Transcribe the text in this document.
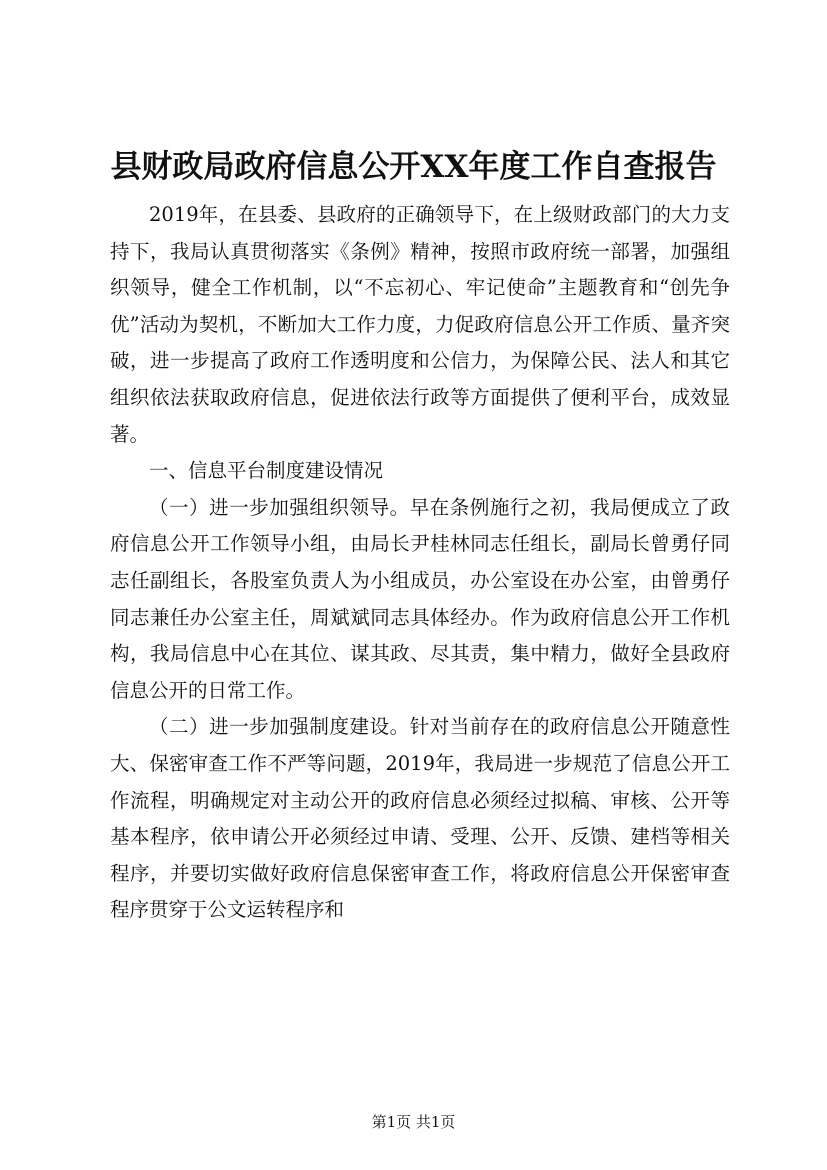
县财政局政府信息公开XX年度工作自查报告

2019年，在县委、县政府的正确领导下，在上级财政部门的大力支持下，我局认真贯彻落实《条例》精神，按照市政府统一部署，加强组织领导，健全工作机制，以“不忘初心、牢记使命”主题教育和“创先争优”活动为契机，不断加大工作力度，力促政府信息公开工作质、量齐突破，进一步提高了政府工作透明度和公信力，为保障公民、法人和其它组织依法获取政府信息，促进依法行政等方面提供了便利平台，成效显著。

一、信息平台制度建设情况

（一）进一步加强组织领导。早在条例施行之初，我局便成立了政府信息公开工作领导小组，由局长尹桂林同志任组长，副局长曾勇仔同志任副组长，各股室负责人为小组成员，办公室设在办公室，由曾勇仔同志兼任办公室主任，周斌斌同志具体经办。作为政府信息公开工作机构，我局信息中心在其位、谋其政、尽其责，集中精力，做好全县政府信息公开的日常工作。

（二）进一步加强制度建设。针对当前存在的政府信息公开随意性大、保密审查工作不严等问题，2019年，我局进一步规范了信息公开工作流程，明确规定对主动公开的政府信息必须经过拟稿、审核、公开等基本程序，依申请公开必须经过申请、受理、公开、反馈、建档等相关程序，并要切实做好政府信息保密审查工作，将政府信息公开保密审查程序贯穿于公文运转程序和

第1页 共1页
